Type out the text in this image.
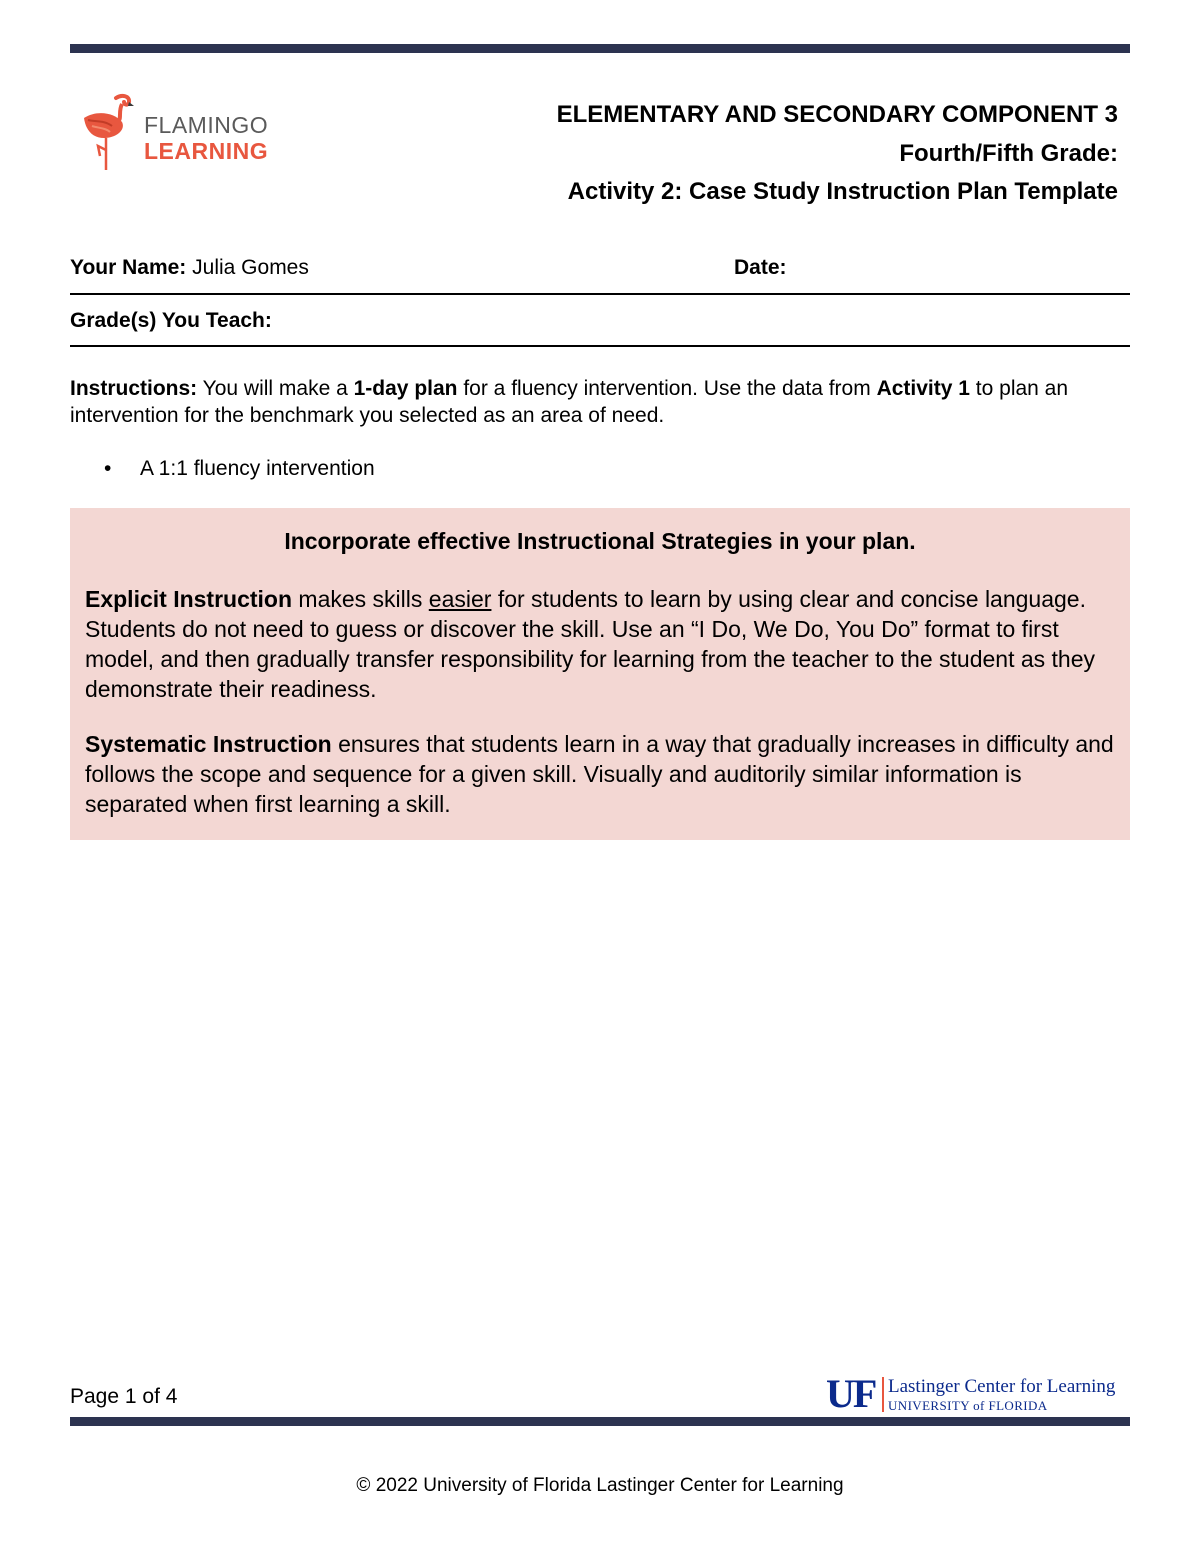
FLAMINGO
LEARNING
ELEMENTARY AND SECONDARY COMPONENT 3
Fourth/Fifth Grade:
Activity 2: Case Study Instruction Plan Template
Your Name: Julia Gomes	Date:
Grade(s) You Teach:
Instructions: You will make a 1-day plan for a fluency intervention. Use the data from Activity 1 to plan an intervention for the benchmark you selected as an area of need.
• A 1:1 fluency intervention
Incorporate effective Instructional Strategies in your plan.
Explicit Instruction makes skills easier for students to learn by using clear and concise language. Students do not need to guess or discover the skill. Use an “I Do, We Do, You Do” format to first model, and then gradually transfer responsibility for learning from the teacher to the student as they demonstrate their readiness.
Systematic Instruction ensures that students learn in a way that gradually increases in difficulty and follows the scope and sequence for a given skill. Visually and auditorily similar information is separated when first learning a skill.
Page 1 of 4	UF Lastinger Center for Learning
UNIVERSITY of FLORIDA
© 2022 University of Florida Lastinger Center for Learning
